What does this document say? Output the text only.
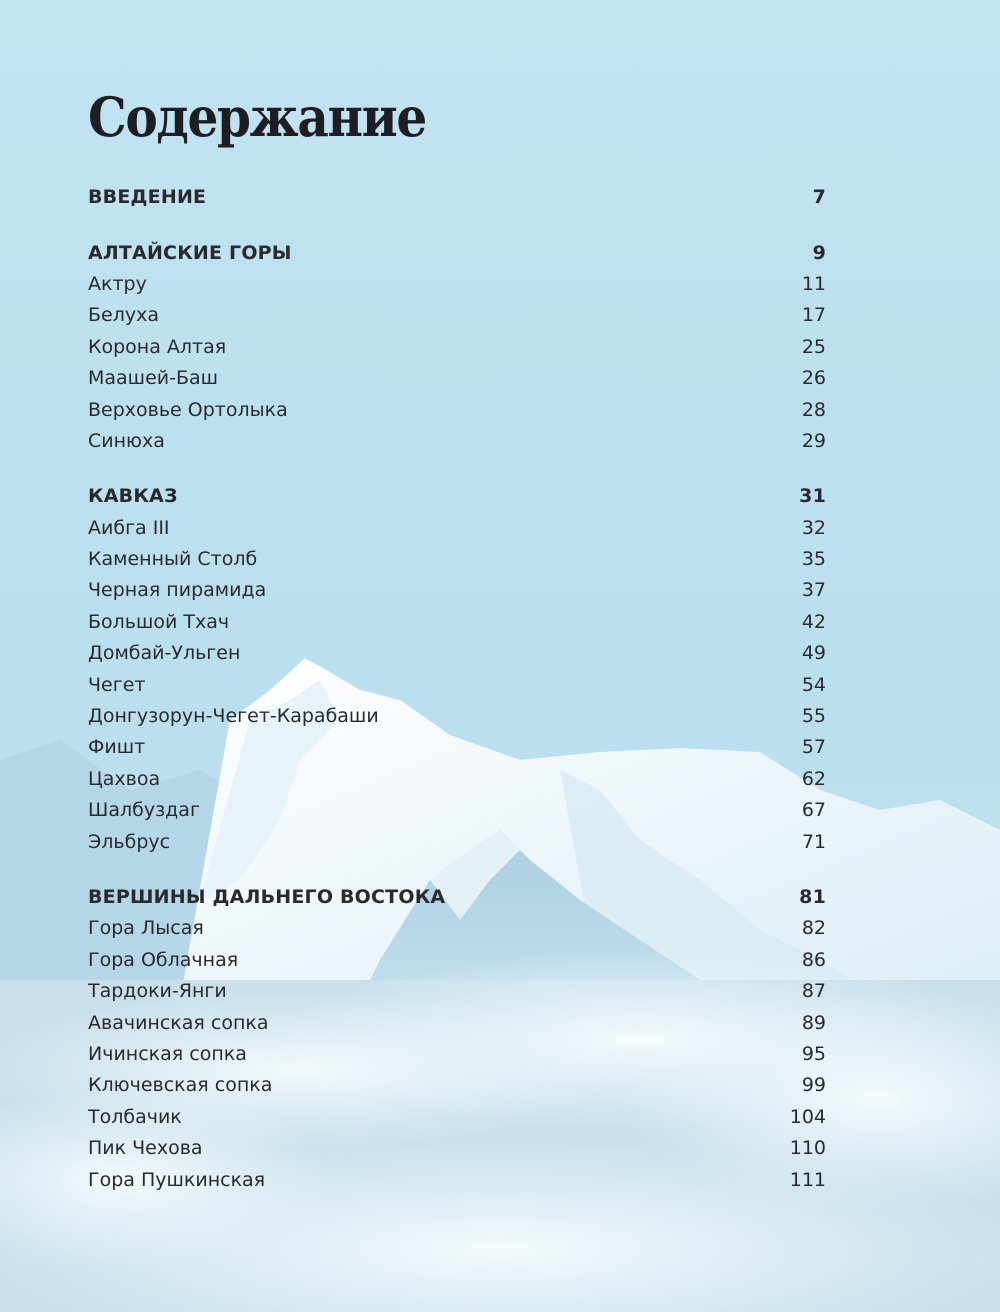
Содержание
ВВЕДЕНИЕ	7
АЛТАЙСКИЕ ГОРЫ	9
Актру	11
Белуха	17
Корона Алтая	25
Маашей-Баш	26
Верховье Ортолыка	28
Синюха	29
КАВКАЗ	31
Аибга III	32
Каменный Столб	35
Черная пирамида	37
Большой Тхач	42
Домбай-Ульген	49
Чегет	54
Донгузорун-Чегет-Карабаши	55
Фишт	57
Цахвоа	62
Шалбуздаг	67
Эльбрус	71
ВЕРШИНЫ ДАЛЬНЕГО ВОСТОКА	81
Гора Лысая	82
Гора Облачная	86
Тардоки-Янги	87
Авачинская сопка	89
Ичинская сопка	95
Ключевская сопка	99
Толбачик	104
Пик Чехова	110
Гора Пушкинская	111
